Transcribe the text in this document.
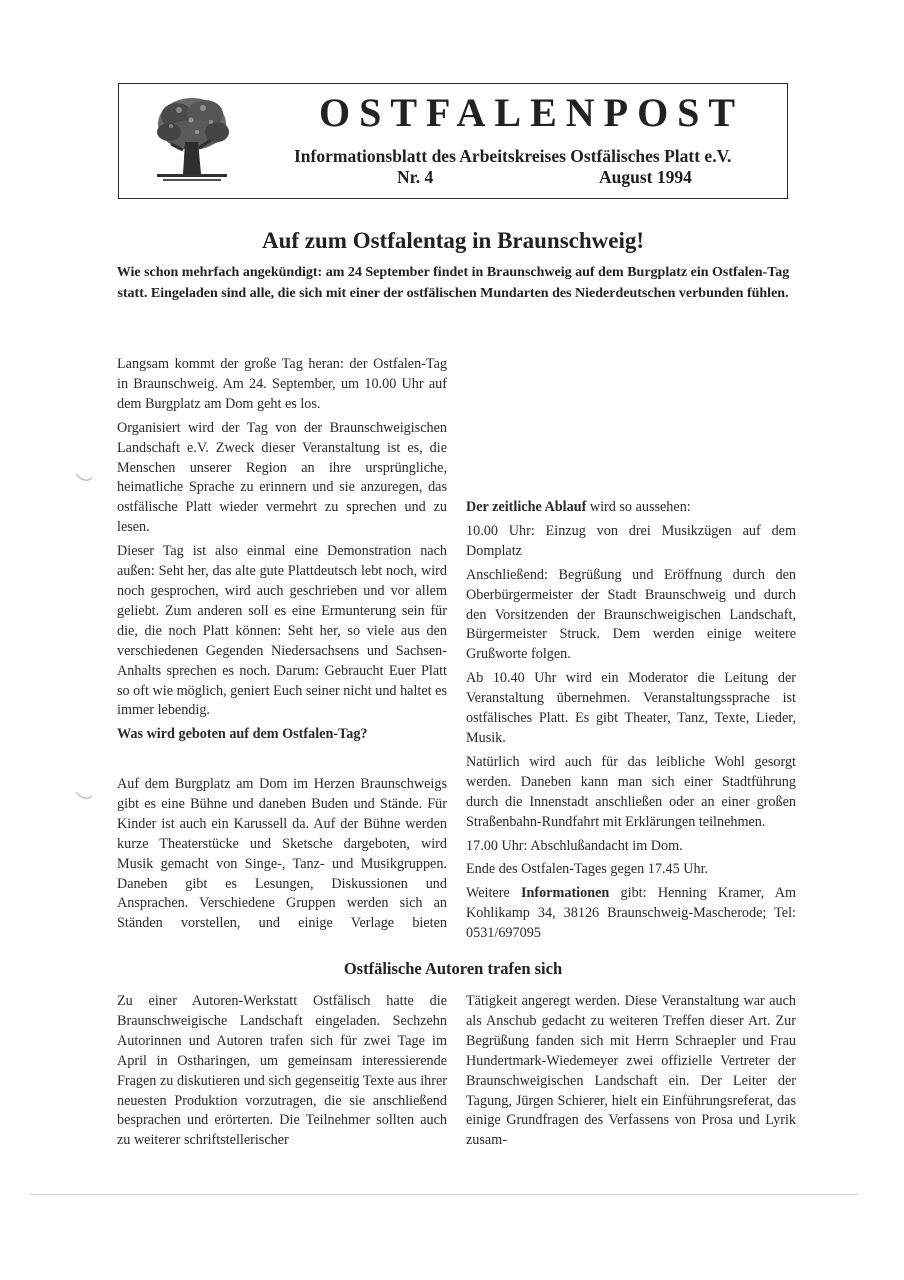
OSTFALENPOST
Informationsblatt des Arbeitskreises Ostfälisches Platt e.V.
Nr. 4	August 1994
Auf zum Ostfalentag in Braunschweig!
Wie schon mehrfach angekündigt: am 24 September findet in Braunschweig auf dem Burgplatz ein Ostfalen-Tag statt. Eingeladen sind alle, die sich mit einer der ostfälischen Mundarten des Niederdeutschen verbunden fühlen.

Langsam kommt der große Tag heran: der Ostfalen-Tag in Braunschweig. Am 24. September, um 10.00 Uhr auf dem Burgplatz am Dom geht es los.

Organisiert wird der Tag von der Braunschweigischen Landschaft e.V. Zweck dieser Veranstaltung ist es, die Menschen unserer Region an ihre ursprüngliche, heimatliche Sprache zu erinnern und sie anzuregen, das ostfälische Platt wieder vermehrt zu sprechen und zu lesen.

Dieser Tag ist also einmal eine Demonstration nach außen: Seht her, das alte gute Plattdeutsch lebt noch, wird noch gesprochen, wird auch geschrieben und vor allem geliebt. Zum anderen soll es eine Ermunterung sein für die, die noch Platt können: Seht her, so viele aus den verschiedenen Gegenden Niedersachsens und Sachsen-Anhalts sprechen es noch. Darum: Gebraucht Euer Platt so oft wie möglich, geniert Euch seiner nicht und haltet es immer lebendig.

Was wird geboten auf dem Ostfalen-Tag?

Auf dem Burgplatz am Dom im Herzen Braunschweigs gibt es eine Bühne und daneben Buden und Stände. Für Kinder ist auch ein Karussell da. Auf der Bühne werden kurze Theaterstücke und Sketsche dargeboten, wird Musik gemacht von Singe-, Tanz- und Musikgruppen. Daneben gibt es Lesungen, Diskussionen und Ansprachen. Verschiedene Gruppen werden sich an Ständen vorstellen, und einige Verlage bieten

Der zeitliche Ablauf wird so aussehen:

10.00 Uhr: Einzug von drei Musikzügen auf dem Domplatz

Anschließend: Begrüßung und Eröffnung durch den Oberbürgermeister der Stadt Braunschweig und durch den Vorsitzenden der Braunschweigischen Landschaft, Bürgermeister Struck. Dem werden einige weitere Grußworte folgen.

Ab 10.40 Uhr wird ein Moderator die Leitung der Veranstaltung übernehmen. Veranstaltungssprache ist ostfälisches Platt. Es gibt Theater, Tanz, Texte, Lieder, Musik.

Natürlich wird auch für das leibliche Wohl gesorgt werden. Daneben kann man sich einer Stadtführung durch die Innenstadt anschließen oder an einer großen Straßenbahn-Rundfahrt mit Erklärungen teilnehmen.

17.00 Uhr: Abschlußandacht im Dom.

Ende des Ostfalen-Tages gegen 17.45 Uhr.

Weitere Informationen gibt: Henning Kramer, Am Kohlikamp 34, 38126 Braunschweig-Mascherode; Tel: 0531/697095

Ostfälische Autoren trafen sich

Zu einer Autoren-Werkstatt Ostfälisch hatte die Braunschweigische Landschaft eingeladen. Sechzehn Autorinnen und Autoren trafen sich für zwei Tage im April in Ostharingen, um gemeinsam interessierende Fragen zu diskutieren und sich gegenseitig Texte aus ihrer neuesten Produktion vorzutragen, die sie anschließend besprachen und erörterten. Die Teilnehmer sollten auch zu weiterer schriftstellerischer

Tätigkeit angeregt werden. Diese Veranstaltung war auch als Anschub gedacht zu weiteren Treffen dieser Art. Zur Begrüßung fanden sich mit Herrn Schraepler und Frau Hundertmark-Wiedemeyer zwei offizielle Vertreter der Braunschweigischen Landschaft ein. Der Leiter der Tagung, Jürgen Schierer, hielt ein Einführungsreferat, das einige Grundfragen des Verfassens von Prosa und Lyrik zusam-
